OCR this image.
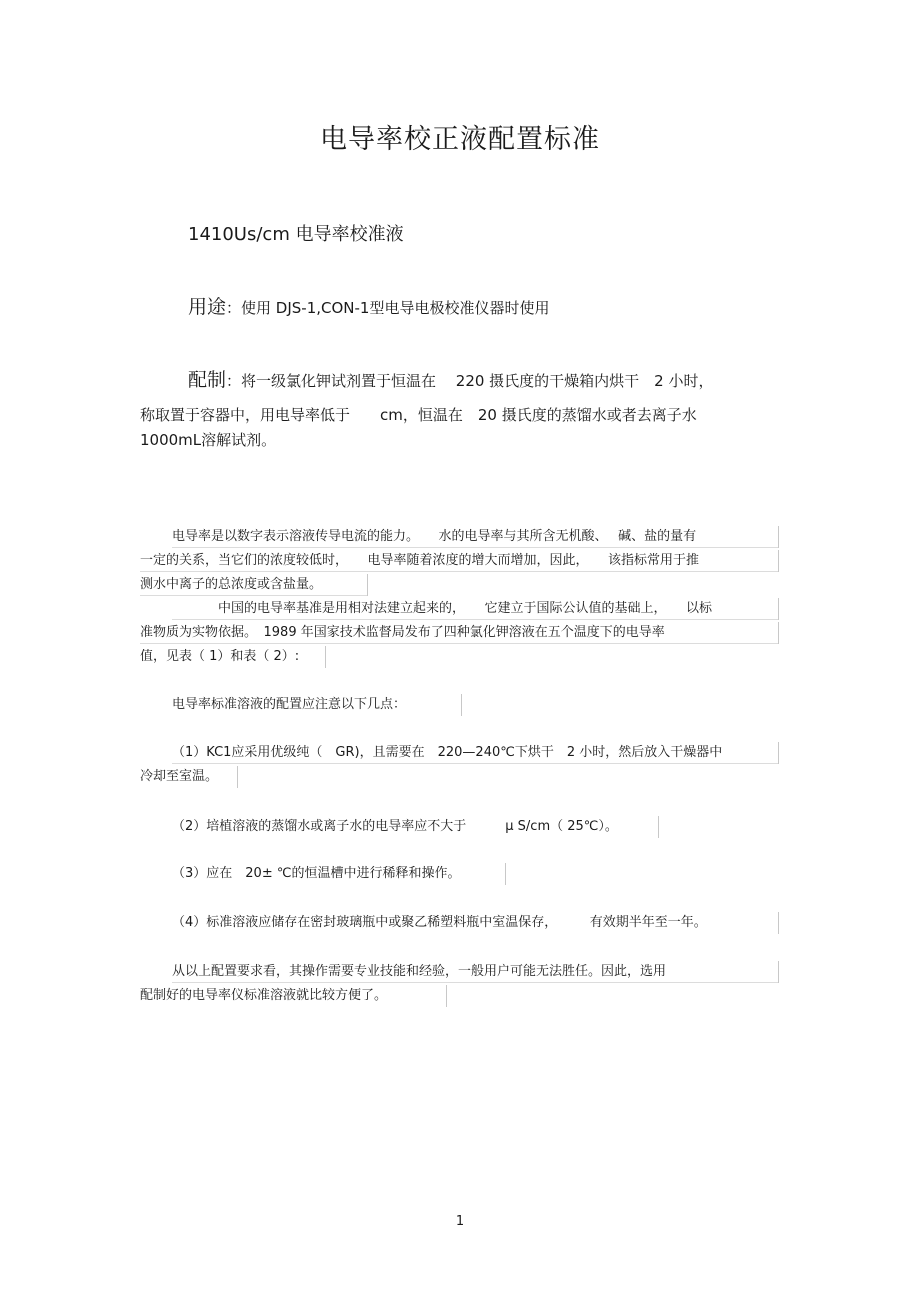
电导率校正液配置标准
1410Us/cm 电导率校准液
用途：使用 DJS-1,CON-1型电导电极校准仪器时使用
配制：将一级氯化钾试剂置于恒温在　 220 摄氏度的干燥箱内烘干　2 小时，
称取置于容器中，用电导率低于　　cm，恒温在　20 摄氏度的蒸馏水或者去离子水
1000mL溶解试剂。
电导率是以数字表示溶液传导电流的能力。　　水的电导率与其所含无机酸、　 碱、盐的量有
一定的关系，当它们的浓度较低时，　　电导率随着浓度的增大而增加，因此，　　该指标常用于推
测水中离子的总浓度或含盐量。
中国的电导率基准是用相对法建立起来的，　　它建立于国际公认值的基础上，　　以标
准物质为实物依据。　1989 年国家技术监督局发布了四种氯化钾溶液在五个温度下的电导率
值，见表（ 1）和表（ 2）:
电导率标准溶液的配置应注意以下几点：
（1）KC1应采用优级纯（　GR)，且需要在　220—240℃下烘干　2 小时，然后放入干燥器中
冷却至室温。
（2）培植溶液的蒸馏水或离子水的电导率应不大于　　　μ S/cm（ 25℃）。
（3）应在　20± ℃的恒温槽中进行稀释和操作。
（4）标准溶液应储存在密封玻璃瓶中或聚乙稀塑料瓶中室温保存，　　　有效期半年至一年。
从以上配置要求看，其操作需要专业技能和经验，一般用户可能无法胜任。因此，选用
配制好的电导率仪标准溶液就比较方便了。
1
